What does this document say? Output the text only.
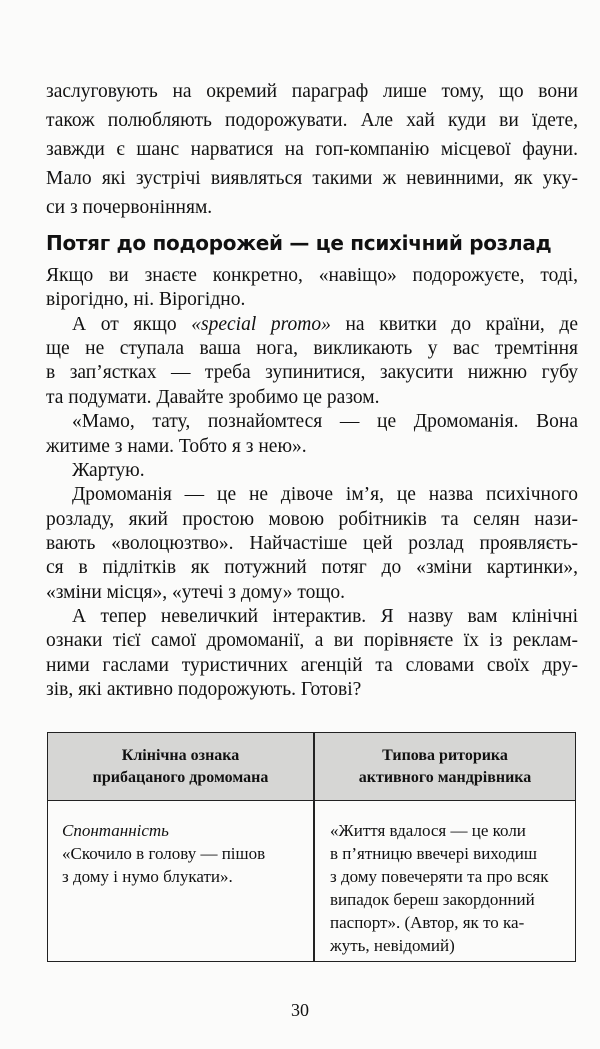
заслуговують на окремий параграф лише тому, що вони
також полюбляють подорожувати. Але хай куди ви їдете,
завжди є шанс нарватися на гоп-компанію місцевої фауни.
Мало які зустрічі виявляться такими ж невинними, як уку-
си з почервонінням.
Потяг до подорожей — це психічний розлад
Якщо ви знаєте конкретно, «навіщо» подорожуєте, тоді,
вірогідно, ні. Вірогідно.
А от якщо «special promo» на квитки до країни, де
ще не ступала ваша нога, викликають у вас тремтіння
в зап’ястках — треба зупинитися, закусити нижню губу
та подумати. Давайте зробимо це разом.
«Мамо, тату, познайомтеся — це Дромоманія. Вона
житиме з нами. Тобто я з нею».
Жартую.
Дромоманія — це не дівоче ім’я, це назва психічного
розладу, який простою мовою робітників та селян нази-
вають «волоцюзтво». Найчастіше цей розлад проявляєть-
ся в підлітків як потужний потяг до «зміни картинки»,
«зміни місця», «утечі з дому» тощо.
А тепер невеличкий інтерактив. Я назву вам клінічні
ознаки тієї самої дромоманії, а ви порівняєте їх із реклам-
ними гаслами туристичних агенцій та словами своїх дру-
зів, які активно подорожують. Готові?
Клінічна ознака
прибацаного дромомана
Типова риторика
активного мандрівника
Спонтанність
«Скочило в голову — пішов
з дому і нумо блукати».
«Життя вдалося — це коли
в п’ятницю ввечері виходиш
з дому повечеряти та про всяк
випадок береш закордонний
паспорт». (Автор, як то ка-
жуть, невідомий)
30
